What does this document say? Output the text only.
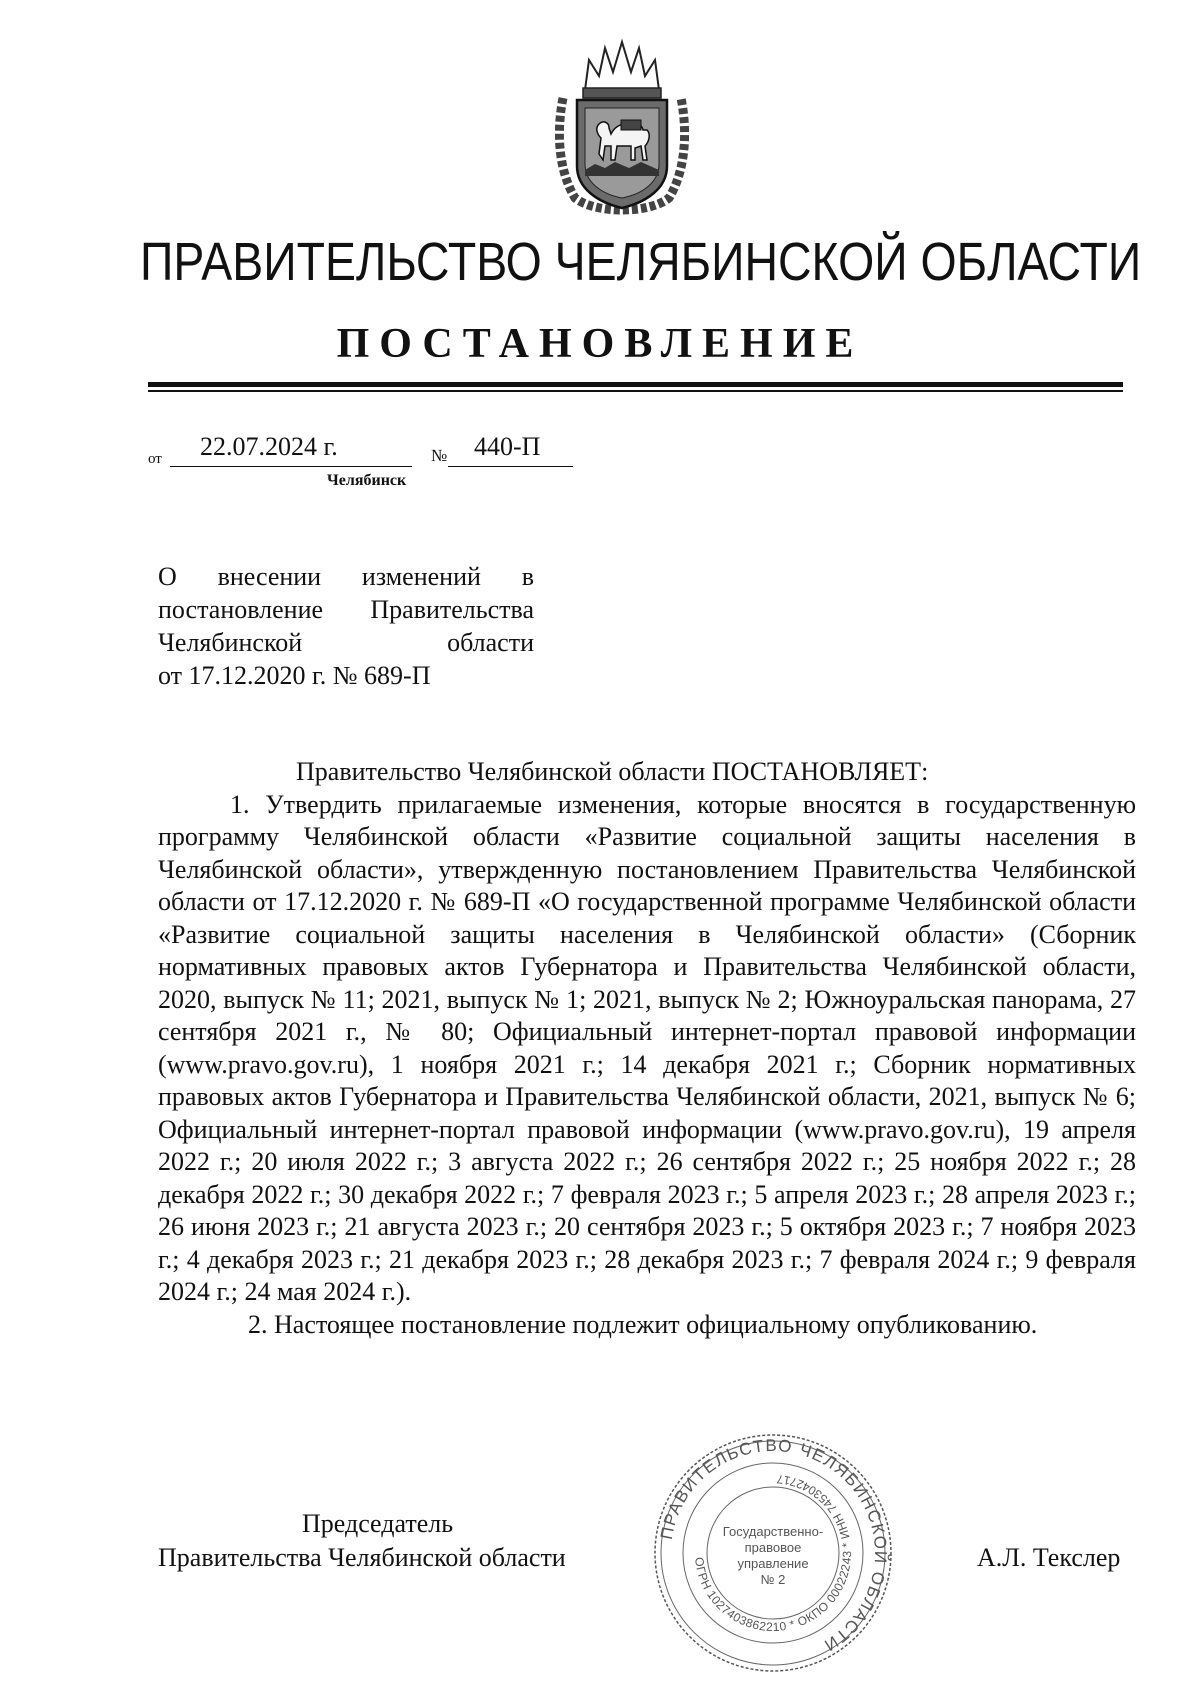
ПРАВИТЕЛЬСТВО ЧЕЛЯБИНСКОЙ ОБЛАСТИ
ПОСТАНОВЛЕНИЕ
от 22.07.2024 г.	№ 440-П
Челябинск
О внесении изменений в
постановление Правительства
Челябинской области
от 17.12.2020 г. № 689-П

Правительство Челябинской области ПОСТАНОВЛЯЕТ:

1. Утвердить прилагаемые изменения, которые вносятся в государственную программу Челябинской области «Развитие социальной защиты населения в Челябинской области», утвержденную постановлением Правительства Челябинской области от 17.12.2020 г. № 689-П «О государственной программе Челябинской области «Развитие социальной защиты населения в Челябинской области» (Сборник нормативных правовых актов Губернатора и Правительства Челябинской области, 2020, выпуск № 11; 2021, выпуск № 1; 2021, выпуск № 2; Южноуральская панорама, 27 сентября 2021 г., № 80; Официальный интернет-портал правовой информации (www.pravo.gov.ru), 1 ноября 2021 г.; 14 декабря 2021 г.; Сборник нормативных правовых актов Губернатора и Правительства Челябинской области, 2021, выпуск № 6; Официальный интернет-портал правовой информации (www.pravo.gov.ru), 19 апреля 2022 г.; 20 июля 2022 г.; 3 августа 2022 г.; 26 сентября 2022 г.; 25 ноября 2022 г.; 28 декабря 2022 г.; 30 декабря 2022 г.; 7 февраля 2023 г.; 5 апреля 2023 г.; 28 апреля 2023 г.; 26 июня 2023 г.; 21 августа 2023 г.; 20 сентября 2023 г.; 5 октября 2023 г.; 7 ноября 2023 г.; 4 декабря 2023 г.; 21 декабря 2023 г.; 28 декабря 2023 г.; 7 февраля 2024 г.; 9 февраля 2024 г.; 24 мая 2024 г.).

2. Настоящее постановление подлежит официальному опубликованию.

Председатель
Правительства Челябинской области	А.Л. Текслер
ПРАВИТЕЛЬСТВО ЧЕЛЯБИНСКОЙ ОБЛАСТИ
ОГРН 1027403862210 * ОКПО 00022243 * ИНН 7453042717
Государственно-
правовое
управление
№ 2
